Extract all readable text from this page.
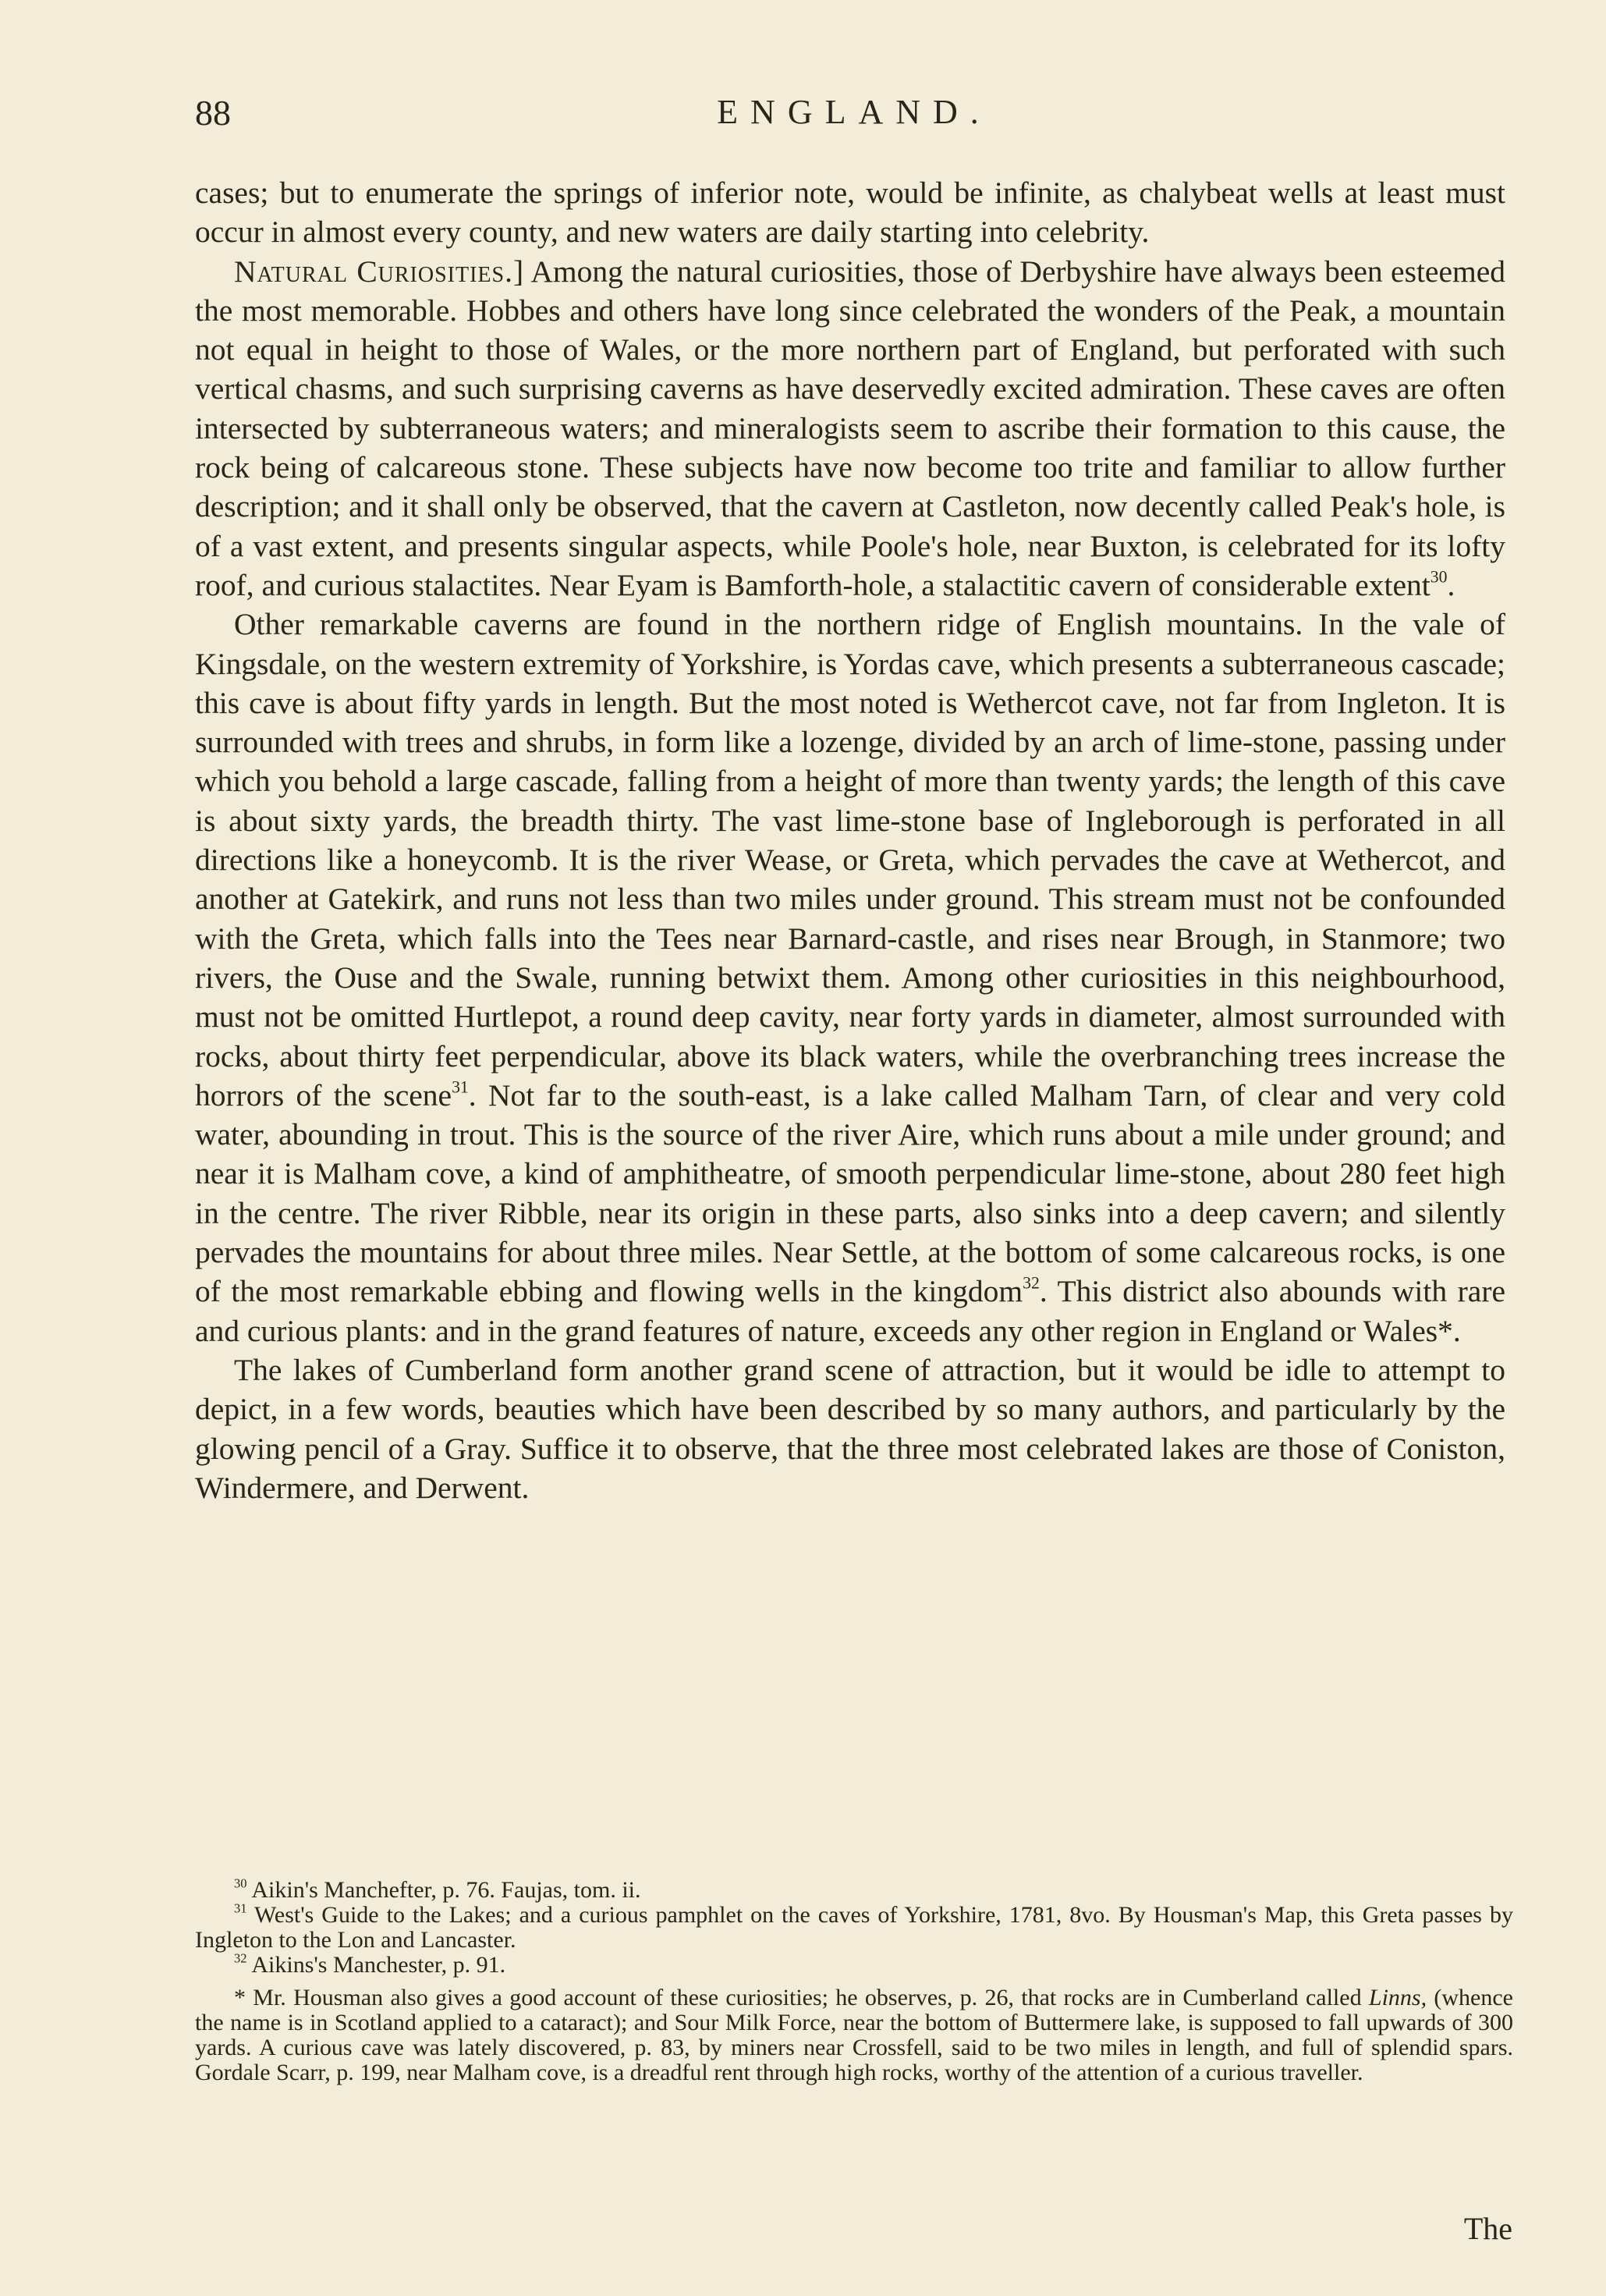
88	ENGLAND.

cases; but to enumerate the springs of inferior note, would be infinite, as chalybeat wells at least must occur in almost every county, and new waters are daily starting into celebrity.

Natural Curiosities.] Among the natural curiosities, those of Derbyshire have always been esteemed the most memorable. Hobbes and others have long since celebrated the wonders of the Peak, a mountain not equal in height to those of Wales, or the more northern part of England, but perforated with such vertical chasms, and such surprising caverns as have deservedly excited admiration. These caves are often intersected by subterraneous waters; and mineralogists seem to ascribe their formation to this cause, the rock being of calcareous stone. These subjects have now become too trite and familiar to allow further description; and it shall only be observed, that the cavern at Castleton, now decently called Peak's hole, is of a vast extent, and presents singular aspects, while Poole's hole, near Buxton, is celebrated for its lofty roof, and curious stalactites. Near Eyam is Bamforth-hole, a stalactitic cavern of considerable extent$^{30}$.

Other remarkable caverns are found in the northern ridge of English mountains. In the vale of Kingsdale, on the western extremity of Yorkshire, is Yordas cave, which presents a subterraneous cascade; this cave is about fifty yards in length. But the most noted is Wethercot cave, not far from Ingleton. It is surrounded with trees and shrubs, in form like a lozenge, divided by an arch of lime-stone, passing under which you behold a large cascade, falling from a height of more than twenty yards; the length of this cave is about sixty yards, the breadth thirty. The vast lime-stone base of Ingleborough is perforated in all directions like a honeycomb. It is the river Wease, or Greta, which pervades the cave at Wethercot, and another at Gatekirk, and runs not less than two miles under ground. This stream must not be confounded with the Greta, which falls into the Tees near Barnard-castle, and rises near Brough, in Stanmore; two rivers, the Ouse and the Swale, running betwixt them. Among other curiosities in this neighbourhood, must not be omitted Hurtlepot, a round deep cavity, near forty yards in diameter, almost surrounded with rocks, about thirty feet perpendicular, above its black waters, while the overbranching trees increase the horrors of the scene$^{31}$. Not far to the south-east, is a lake called Malham Tarn, of clear and very cold water, abounding in trout. This is the source of the river Aire, which runs about a mile under ground; and near it is Malham cove, a kind of amphitheatre, of smooth perpendicular lime-stone, about 280 feet high in the centre. The river Ribble, near its origin in these parts, also sinks into a deep cavern; and silently pervades the mountains for about three miles. Near Settle, at the bottom of some calcareous rocks, is one of the most remarkable ebbing and flowing wells in the kingdom$^{32}$. This district also abounds with rare and curious plants: and in the grand features of nature, exceeds any other region in England or Wales*.

The lakes of Cumberland form another grand scene of attraction, but it would be idle to attempt to depict, in a few words, beauties which have been described by so many authors, and particularly by the glowing pencil of a Gray. Suffice it to observe, that the three most celebrated lakes are those of Coniston, Windermere, and Derwent.

$^{30}$ Aikin's Manchefter, p. 76. Faujas, tom. ii.

$^{31}$ West's Guide to the Lakes; and a curious pamphlet on the caves of Yorkshire, 1781, 8vo. By Housman's Map, this Greta passes by Ingleton to the Lon and Lancaster.

$^{32}$ Aikins's Manchester, p. 91.

* Mr. Housman also gives a good account of these curiosities; he observes, p. 26, that rocks are in Cumberland called Linns, (whence the name is in Scotland applied to a cataract); and Sour Milk Force, near the bottom of Buttermere lake, is supposed to fall upwards of 300 yards. A curious cave was lately discovered, p. 83, by miners near Crossfell, said to be two miles in length, and full of splendid spars. Gordale Scarr, p. 199, near Malham cove, is a dreadful rent through high rocks, worthy of the attention of a curious traveller.

The
